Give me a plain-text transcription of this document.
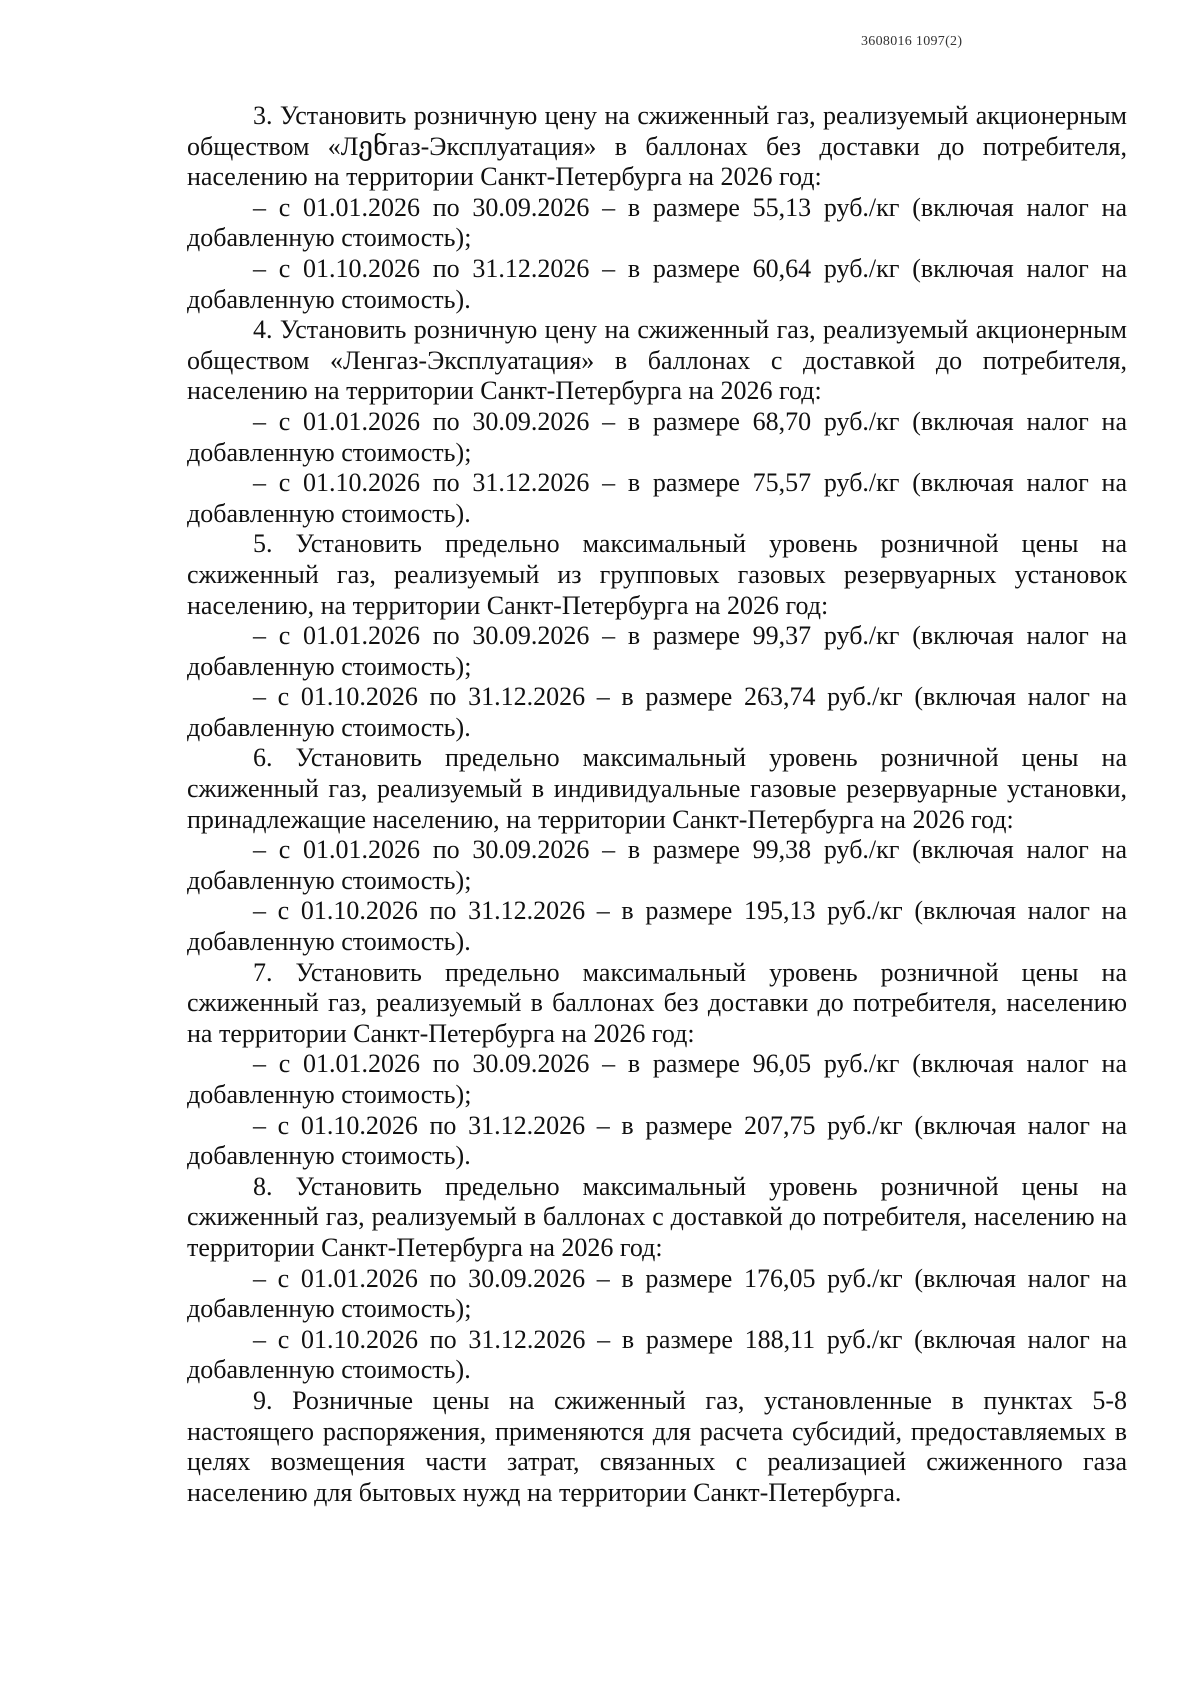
3608016 1097(2)

3. Установить розничную цену на сжиженный газ, реализуемый акционерным обществом «Лენгаз-Эксплуатация» в баллонах без доставки до потребителя, населению на территории Санкт-Петербурга на 2026 год:

– с 01.01.2026 по 30.09.2026 – в размере 55,13 руб./кг (включая налог на добавленную стоимость);

– с 01.10.2026 по 31.12.2026 – в размере 60,64 руб./кг (включая налог на добавленную стоимость).

4. Установить розничную цену на сжиженный газ, реализуемый акционерным обществом «Ленгаз-Эксплуатация» в баллонах с доставкой до потребителя, населению на территории Санкт-Петербурга на 2026 год:

– с 01.01.2026 по 30.09.2026 – в размере 68,70 руб./кг (включая налог на добавленную стоимость);

– с 01.10.2026 по 31.12.2026 – в размере 75,57 руб./кг (включая налог на добавленную стоимость).

5. Установить предельно максимальный уровень розничной цены на сжиженный газ, реализуемый из групповых газовых резервуарных установок населению, на территории Санкт-Петербурга на 2026 год:

– с 01.01.2026 по 30.09.2026 – в размере 99,37 руб./кг (включая налог на добавленную стоимость);

– с 01.10.2026 по 31.12.2026 – в размере 263,74 руб./кг (включая налог на добавленную стоимость).

6. Установить предельно максимальный уровень розничной цены на сжиженный газ, реализуемый в индивидуальные газовые резервуарные установки, принадлежащие населению, на территории Санкт-Петербурга на 2026 год:

– с 01.01.2026 по 30.09.2026 – в размере 99,38 руб./кг (включая налог на добавленную стоимость);

– с 01.10.2026 по 31.12.2026 – в размере 195,13 руб./кг (включая налог на добавленную стоимость).

7. Установить предельно максимальный уровень розничной цены на сжиженный газ, реализуемый в баллонах без доставки до потребителя, населению на территории Санкт-Петербурга на 2026 год:

– с 01.01.2026 по 30.09.2026 – в размере 96,05 руб./кг (включая налог на добавленную стоимость);

– с 01.10.2026 по 31.12.2026 – в размере 207,75 руб./кг (включая налог на добавленную стоимость).

8. Установить предельно максимальный уровень розничной цены на сжиженный газ, реализуемый в баллонах с доставкой до потребителя, населению на территории Санкт-Петербурга на 2026 год:

– с 01.01.2026 по 30.09.2026 – в размере 176,05 руб./кг (включая налог на добавленную стоимость);

– с 01.10.2026 по 31.12.2026 – в размере 188,11 руб./кг (включая налог на добавленную стоимость).

9. Розничные цены на сжиженный газ, установленные в пунктах 5-8 настоящего распоряжения, применяются для расчета субсидий, предоставляемых в целях возмещения части затрат, связанных с реализацией сжиженного газа населению для бытовых нужд на территории Санкт-Петербурга.
